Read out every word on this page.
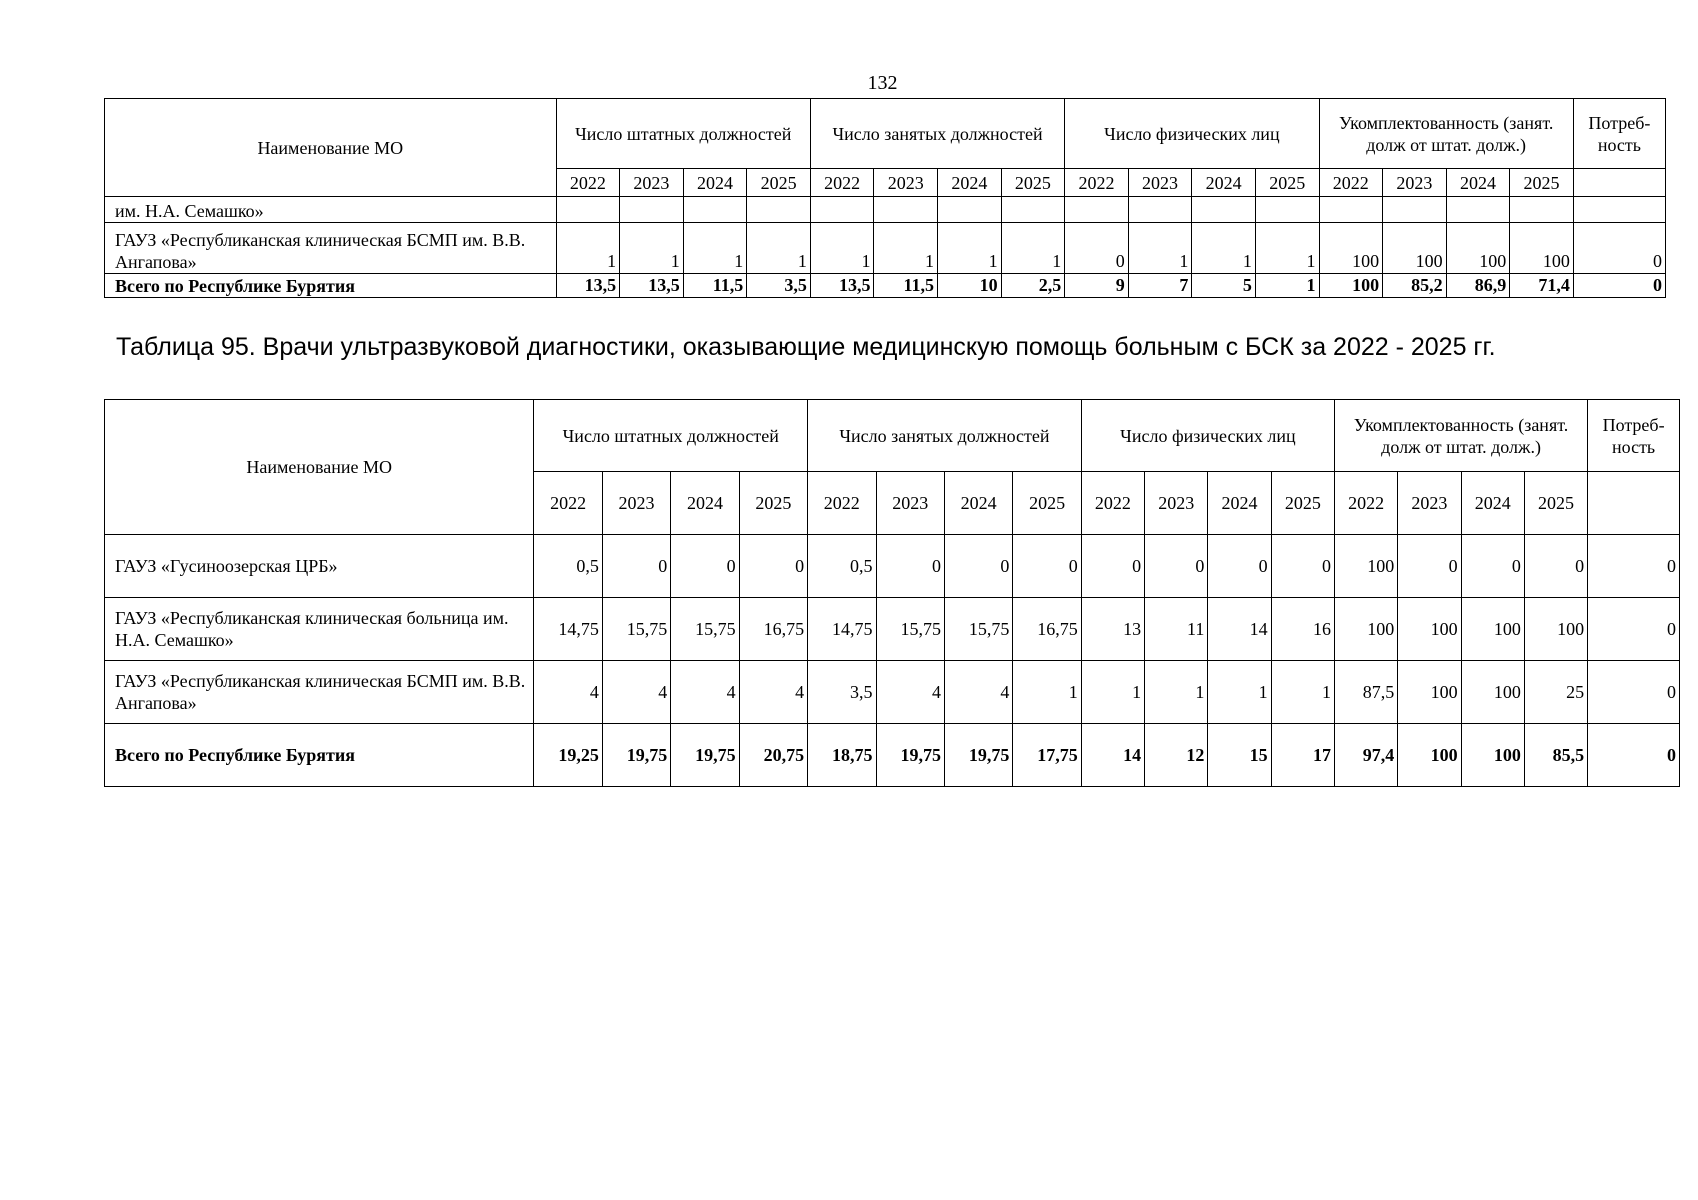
132
Наименование МО	Число штатных должностей				Число занятых должностей				Число физических лиц				Укомплектованность (занят. долж от штат. долж.)				Потреб-ность
	2022	2023	2024	2025	2022	2023	2024	2025	2022	2023	2024	2025	2022	2023	2024	2025	
им. Н.А. Семашко»																	
ГАУЗ «Республиканская клиническая БСМП им. В.В. Ангапова»	1	1	1	1	1	1	1	1	0	1	1	1	100	100	100	100	0
Всего по Республике Бурятия	13,5	13,5	11,5	3,5	13,5	11,5	10	2,5	9	7	5	1	100	85,2	86,9	71,4	0
Таблица 95. Врачи ультразвуковой диагностики, оказывающие медицинскую помощь больным с БСК за 2022 - 2025 гг.
Наименование МО	Число штатных должностей				Число занятых должностей				Число физических лиц				Укомплектованность (занят. долж от штат. долж.)				Потреб-ность
	2022	2023	2024	2025	2022	2023	2024	2025	2022	2023	2024	2025	2022	2023	2024	2025	
ГАУЗ «Гусиноозерская ЦРБ»	0,5	0	0	0	0,5	0	0	0	0	0	0	0	100	0	0	0	0
ГАУЗ «Республиканская клиническая больница им. Н.А. Семашко»	14,75	15,75	15,75	16,75	14,75	15,75	15,75	16,75	13	11	14	16	100	100	100	100	0
ГАУЗ «Республиканская клиническая БСМП им. В.В. Ангапова»	4	4	4	4	3,5	4	4	1	1	1	1	1	87,5	100	100	25	0
Всего по Республике Бурятия	19,25	19,75	19,75	20,75	18,75	19,75	19,75	17,75	14	12	15	17	97,4	100	100	85,5	0
